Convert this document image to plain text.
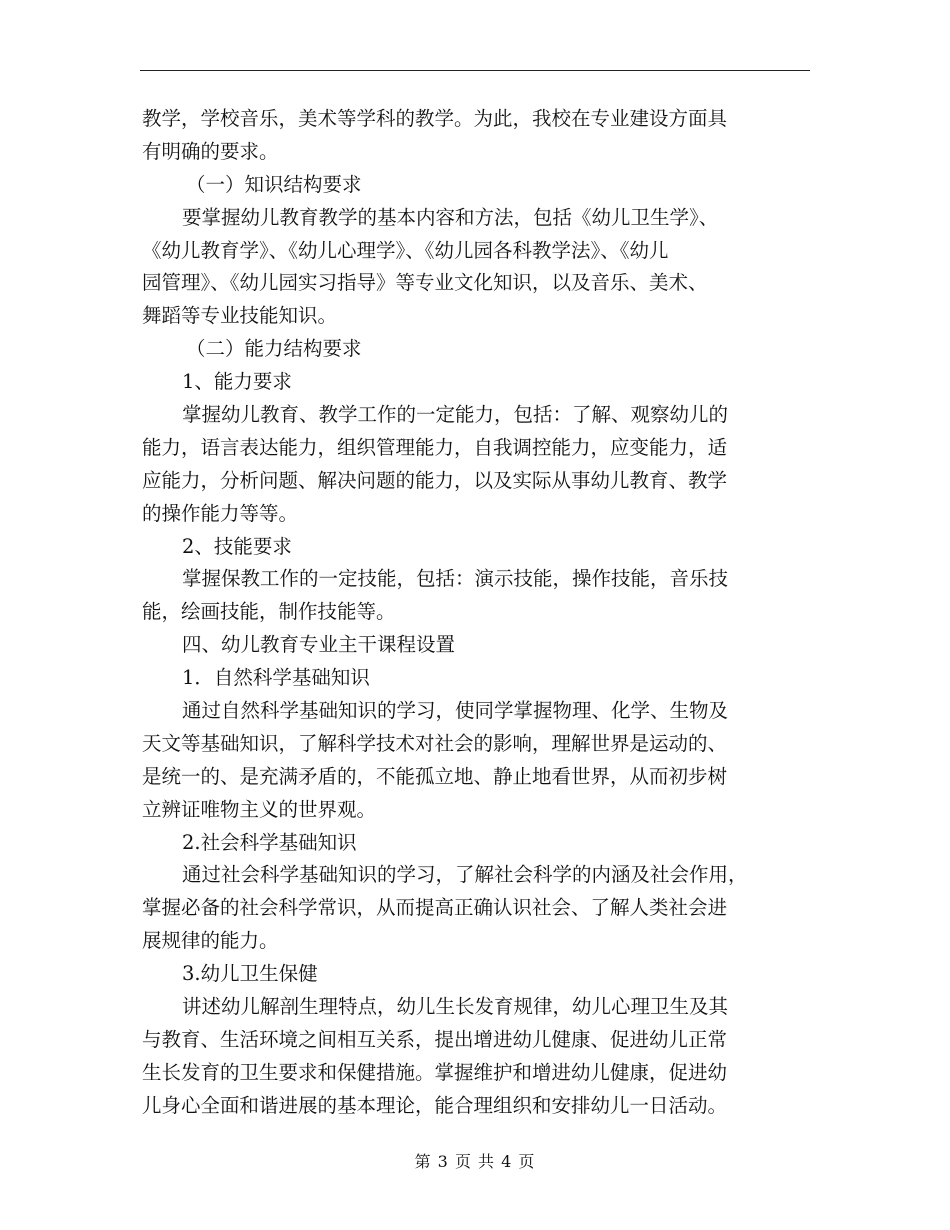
教学，学校音乐，美术等学科的教学。为此，我校在专业建设方面具
有明确的要求。
（一）知识结构要求
要掌握幼儿教育教学的基本内容和方法，包括《幼儿卫生学》、
《幼儿教育学》、《幼儿心理学》、《幼儿园各科教学法》、《幼儿
园管理》、《幼儿园实习指导》等专业文化知识，以及音乐、美术、
舞蹈等专业技能知识。
（二）能力结构要求
1、能力要求
掌握幼儿教育、教学工作的一定能力，包括：了解、观察幼儿的
能力，语言表达能力，组织管理能力，自我调控能力，应变能力，适
应能力，分析问题、解决问题的能力，以及实际从事幼儿教育、教学
的操作能力等等。
2、技能要求
掌握保教工作的一定技能，包括：演示技能，操作技能，音乐技
能，绘画技能，制作技能等。
四、幼儿教育专业主干课程设置
1．自然科学基础知识
通过自然科学基础知识的学习，使同学掌握物理、化学、生物及
天文等基础知识，了解科学技术对社会的影响，理解世界是运动的、
是统一的、是充满矛盾的，不能孤立地、静止地看世界，从而初步树
立辨证唯物主义的世界观。
2.社会科学基础知识
通过社会科学基础知识的学习，了解社会科学的内涵及社会作用，
掌握必备的社会科学常识，从而提高正确认识社会、了解人类社会进
展规律的能力。
3.幼儿卫生保健
讲述幼儿解剖生理特点，幼儿生长发育规律，幼儿心理卫生及其
与教育、生活环境之间相互关系，提出增进幼儿健康、促进幼儿正常
生长发育的卫生要求和保健措施。掌握维护和增进幼儿健康，促进幼
儿身心全面和谐进展的基本理论，能合理组织和安排幼儿一日活动。
第 3 页 共 4 页
